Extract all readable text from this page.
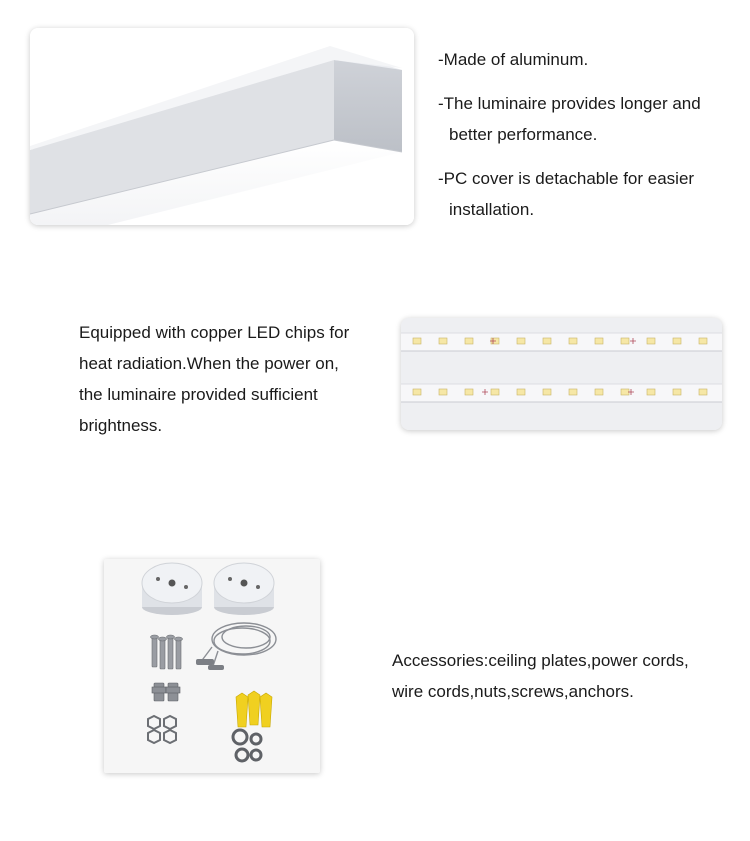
-Made of aluminum.

-The luminaire provides longer and

better performance.

-PC cover is detachable for easier

installation.

Equipped with copper LED chips for

heat radiation.When the power on,

the luminaire provided sufficient

brightness.

Accessories:ceiling plates,power cords,

wire cords,nuts,screws,anchors.
